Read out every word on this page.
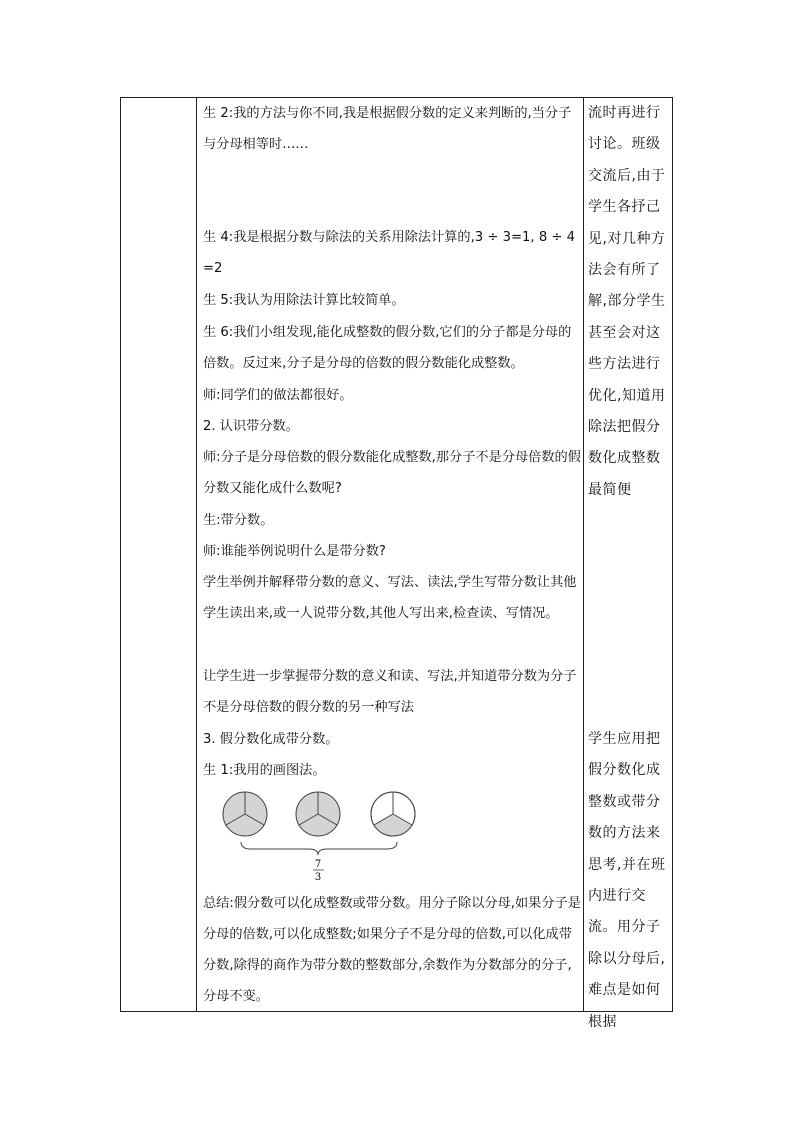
生 2:我的方法与你不同,我是根据假分数的定义来判断的,当分子与分母相等时……
生 4:我是根据分数与除法的关系用除法计算的,3 ÷ 3=1, 8 ÷ 4=2
生 5:我认为用除法计算比较简单。
生 6:我们小组发现,能化成整数的假分数,它们的分子都是分母的倍数。反过来,分子是分母的倍数的假分数能化成整数。
师:同学们的做法都很好。
2. 认识带分数。
师:分子是分母倍数的假分数能化成整数,那分子不是分母倍数的假分数又能化成什么数呢?
生:带分数。
师:谁能举例说明什么是带分数?
学生举例并解释带分数的意义、写法、读法,学生写带分数让其他学生读出来,或一人说带分数,其他人写出来,检查读、写情况。
让学生进一步掌握带分数的意义和读、写法,并知道带分数为分子不是分母倍数的假分数的另一种写法
3. 假分数化成带分数。
生 1:我用的画图法。
总结:假分数可以化成整数或带分数。用分子除以分母,如果分子是分母的倍数,可以化成整数;如果分子不是分母的倍数,可以化成带分数,除得的商作为带分数的整数部分,余数作为分数部分的分子,分母不变。
流时再进行讨论。班级交流后,由于学生各抒己见,对几种方法会有所了解,部分学生甚至会对这些方法进行优化,知道用除法把假分数化成整数最简便
学生应用把假分数化成整数或带分数的方法来思考,并在班内进行交流。用分子除以分母后,难点是如何根据
7
3
